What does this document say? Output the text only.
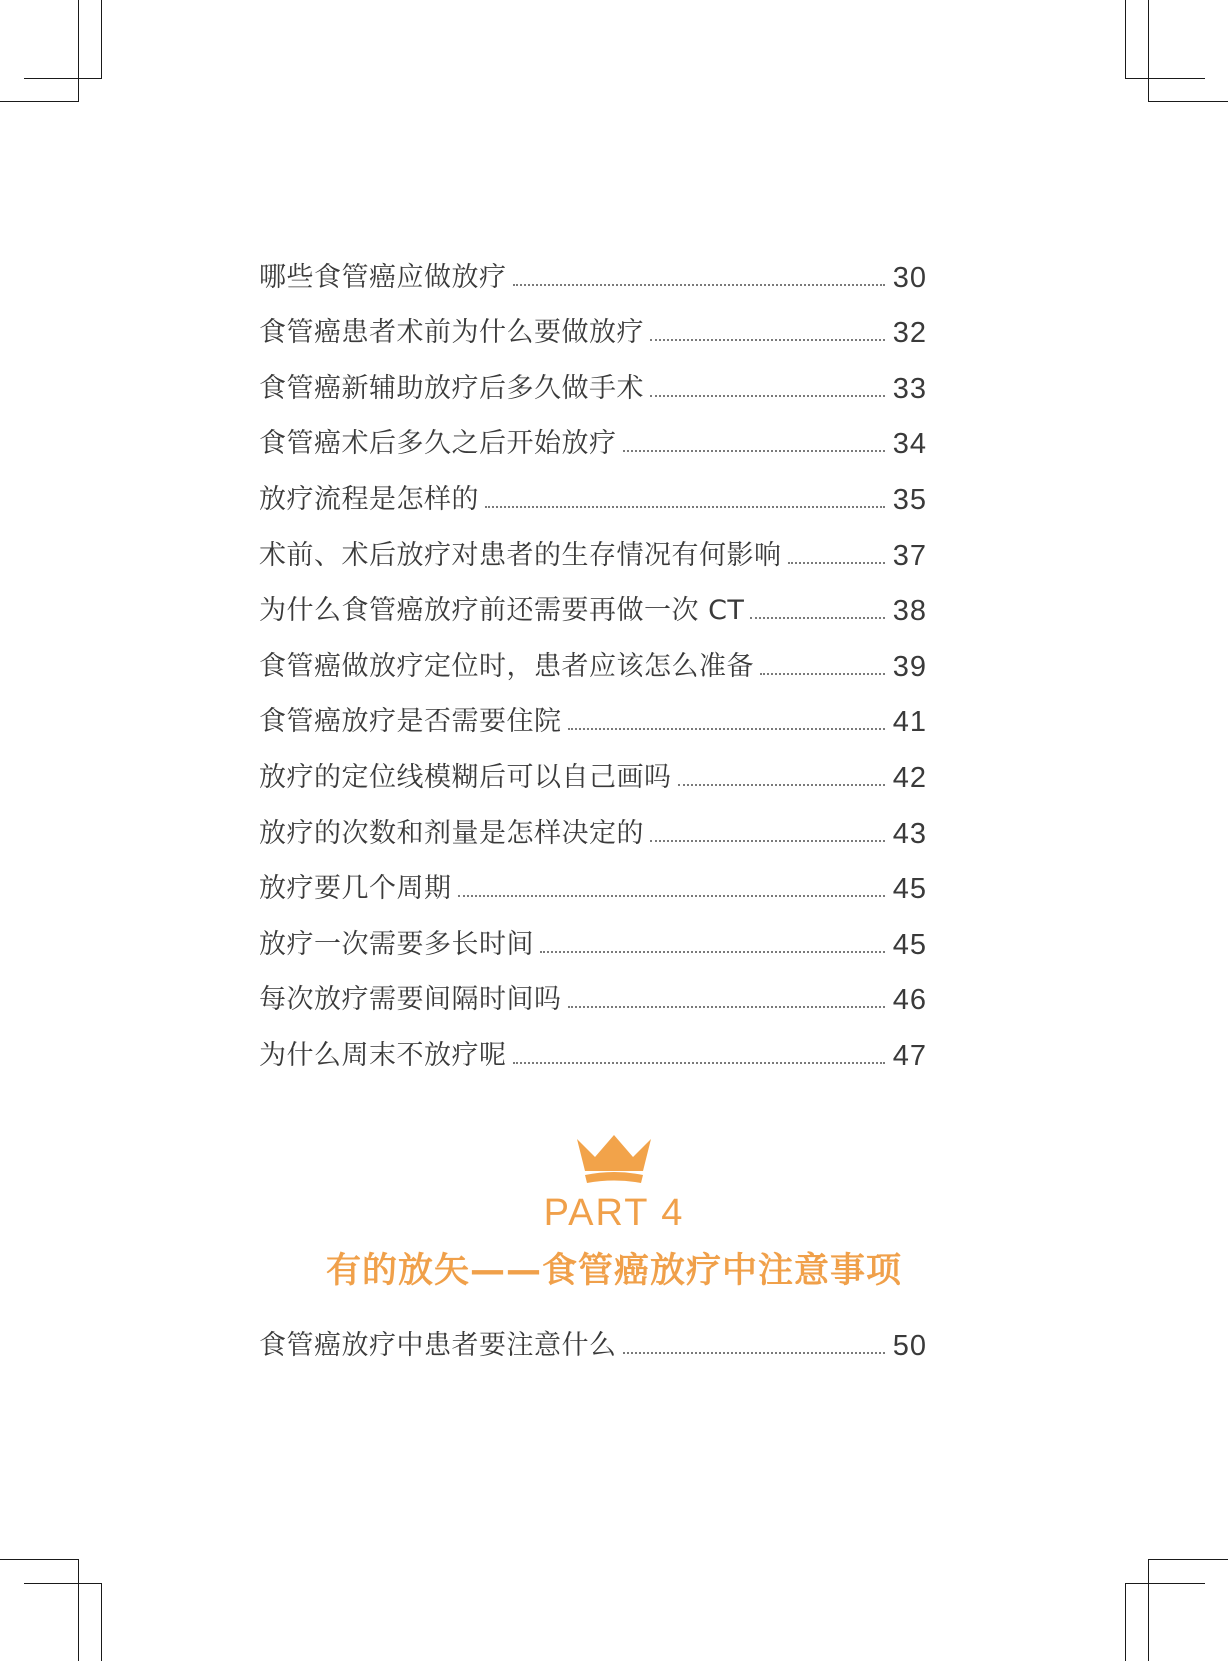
哪些食管癌应做放疗	30
食管癌患者术前为什么要做放疗	32
食管癌新辅助放疗后多久做手术	33
食管癌术后多久之后开始放疗	34
放疗流程是怎样的	35
术前、术后放疗对患者的生存情况有何影响	37
为什么食管癌放疗前还需要再做一次 CT	38
食管癌做放疗定位时，患者应该怎么准备	39
食管癌放疗是否需要住院	41
放疗的定位线模糊后可以自己画吗	42
放疗的次数和剂量是怎样决定的	43
放疗要几个周期	45
放疗一次需要多长时间	45
每次放疗需要间隔时间吗	46
为什么周末不放疗呢	47
PART 4
有的放矢——食管癌放疗中注意事项
食管癌放疗中患者要注意什么	50
